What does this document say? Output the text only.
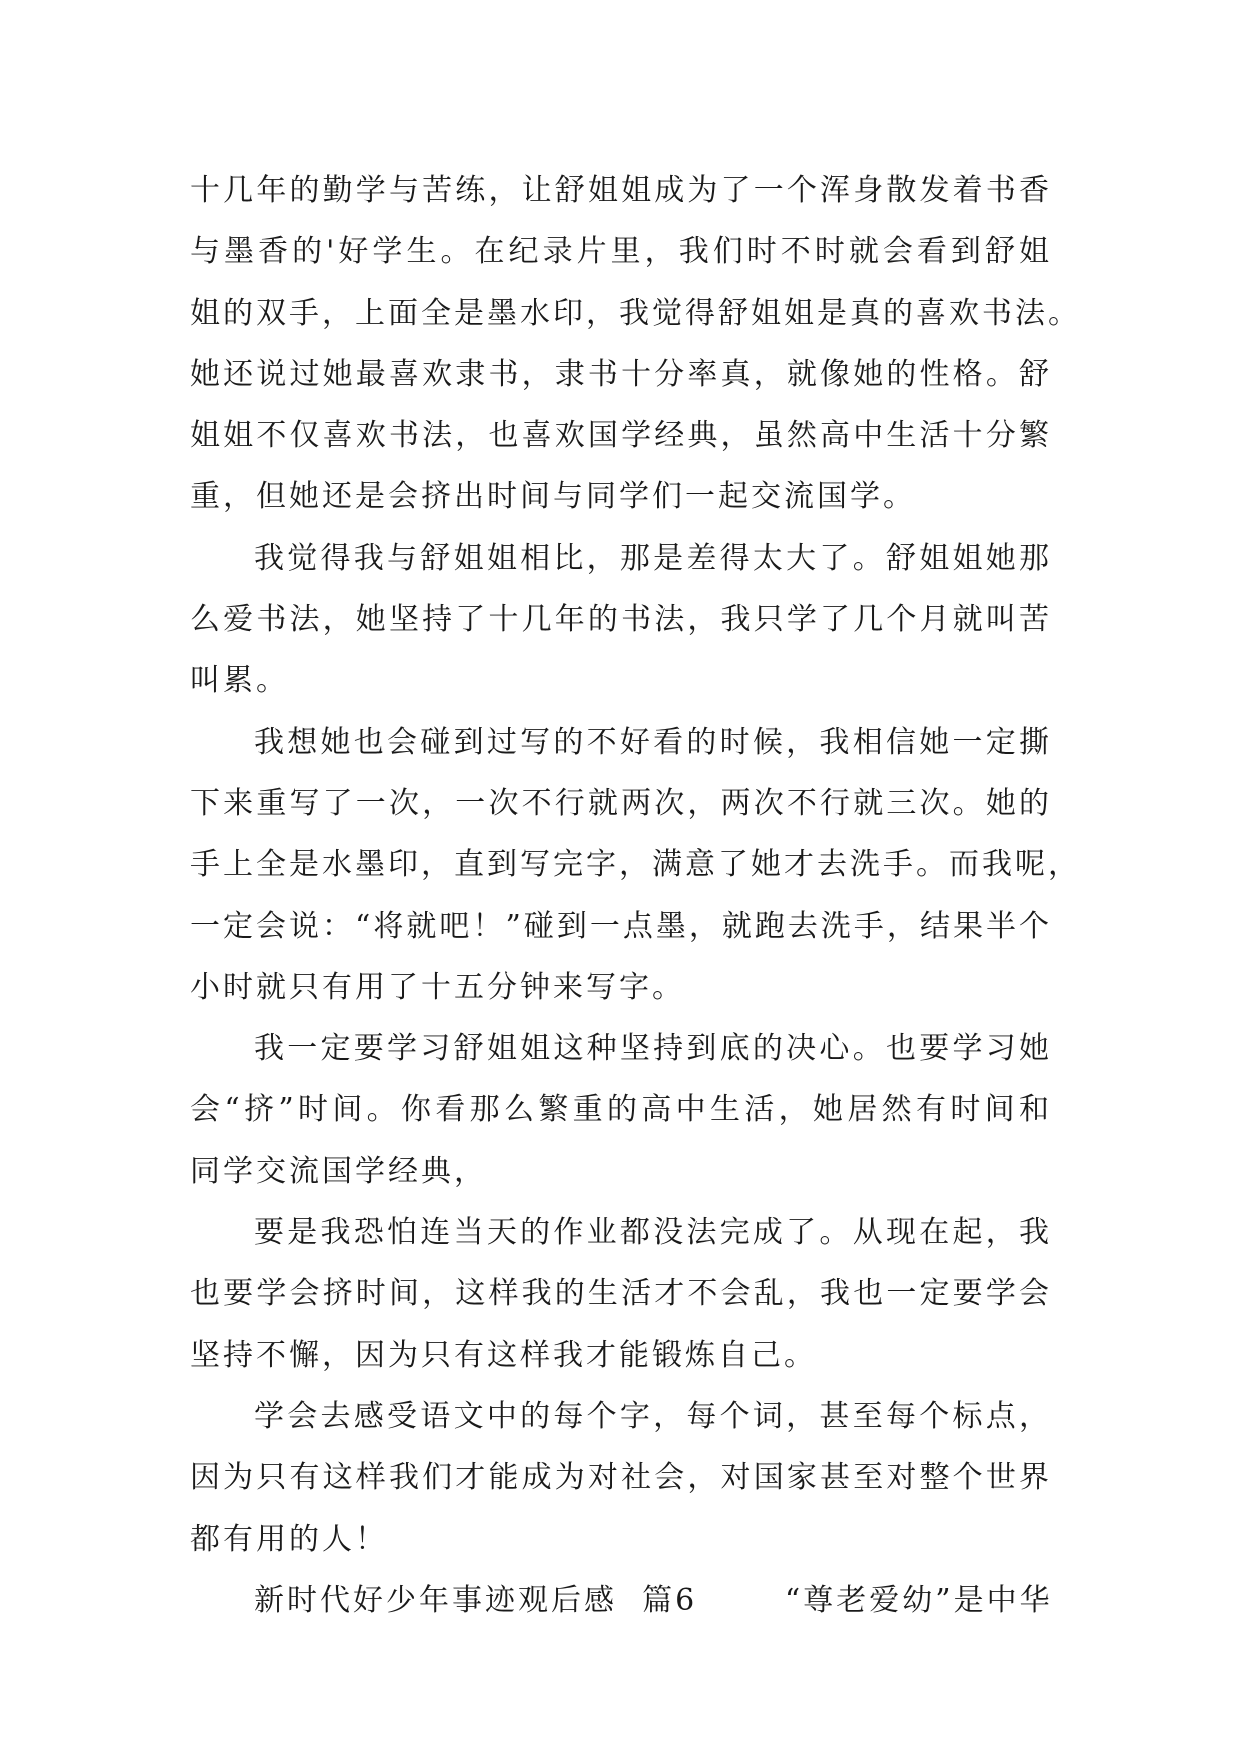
十几年的勤学与苦练，让舒姐姐成为了一个浑身散发着书香
与墨香的'好学生。在纪录片里，我们时不时就会看到舒姐
姐的双手，上面全是墨水印，我觉得舒姐姐是真的喜欢书法。
她还说过她最喜欢隶书，隶书十分率真，就像她的性格。舒
姐姐不仅喜欢书法，也喜欢国学经典，虽然高中生活十分繁
重，但她还是会挤出时间与同学们一起交流国学。
我觉得我与舒姐姐相比，那是差得太大了。舒姐姐她那
么爱书法，她坚持了十几年的书法，我只学了几个月就叫苦
叫累。
我想她也会碰到过写的不好看的时候，我相信她一定撕
下来重写了一次，一次不行就两次，两次不行就三次。她的
手上全是水墨印，直到写完字，满意了她才去洗手。而我呢，
一定会说：“将就吧！”碰到一点墨，就跑去洗手，结果半个
小时就只有用了十五分钟来写字。
我一定要学习舒姐姐这种坚持到底的决心。也要学习她
会“挤”时间。你看那么繁重的高中生活，她居然有时间和
同学交流国学经典，
要是我恐怕连当天的作业都没法完成了。从现在起，我
也要学会挤时间，这样我的生活才不会乱，我也一定要学会
坚持不懈，因为只有这样我才能锻炼自己。
学会去感受语文中的每个字，每个词，甚至每个标点，
因为只有这样我们才能成为对社会，对国家甚至对整个世界
都有用的人！
新时代好少年事迹观后感  篇6       “尊老爱幼”是中华
